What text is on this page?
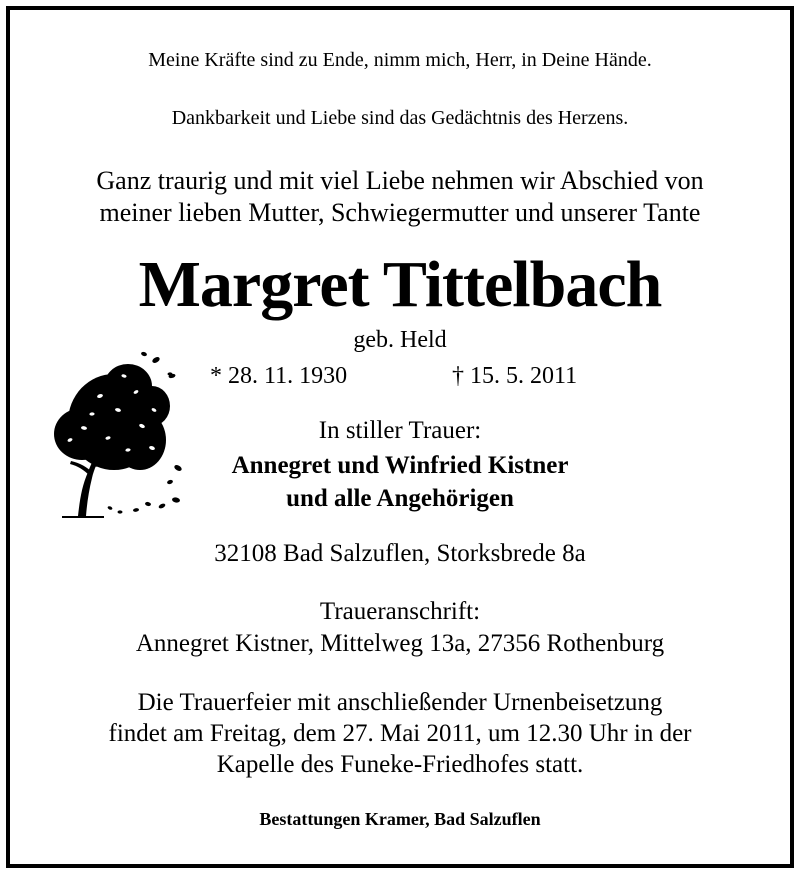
Meine Kräfte sind zu Ende, nimm mich, Herr, in Deine Hände.
Dankbarkeit und Liebe sind das Gedächtnis des Herzens.
Ganz traurig und mit viel Liebe nehmen wir Abschied von
meiner lieben Mutter, Schwiegermutter und unserer Tante
Margret Tittelbach
geb. Held
* 28. 11. 1930	† 15. 5. 2011
In stiller Trauer:
Annegret und Winfried Kistner
und alle Angehörigen
32108 Bad Salzuflen, Storksbrede 8a
Traueranschrift:
Annegret Kistner, Mittelweg 13a, 27356 Rothenburg
Die Trauerfeier mit anschließender Urnenbeisetzung
findet am Freitag, dem 27. Mai 2011, um 12.30 Uhr in der
Kapelle des Funeke-Friedhofes statt.
Bestattungen Kramer, Bad Salzuflen
